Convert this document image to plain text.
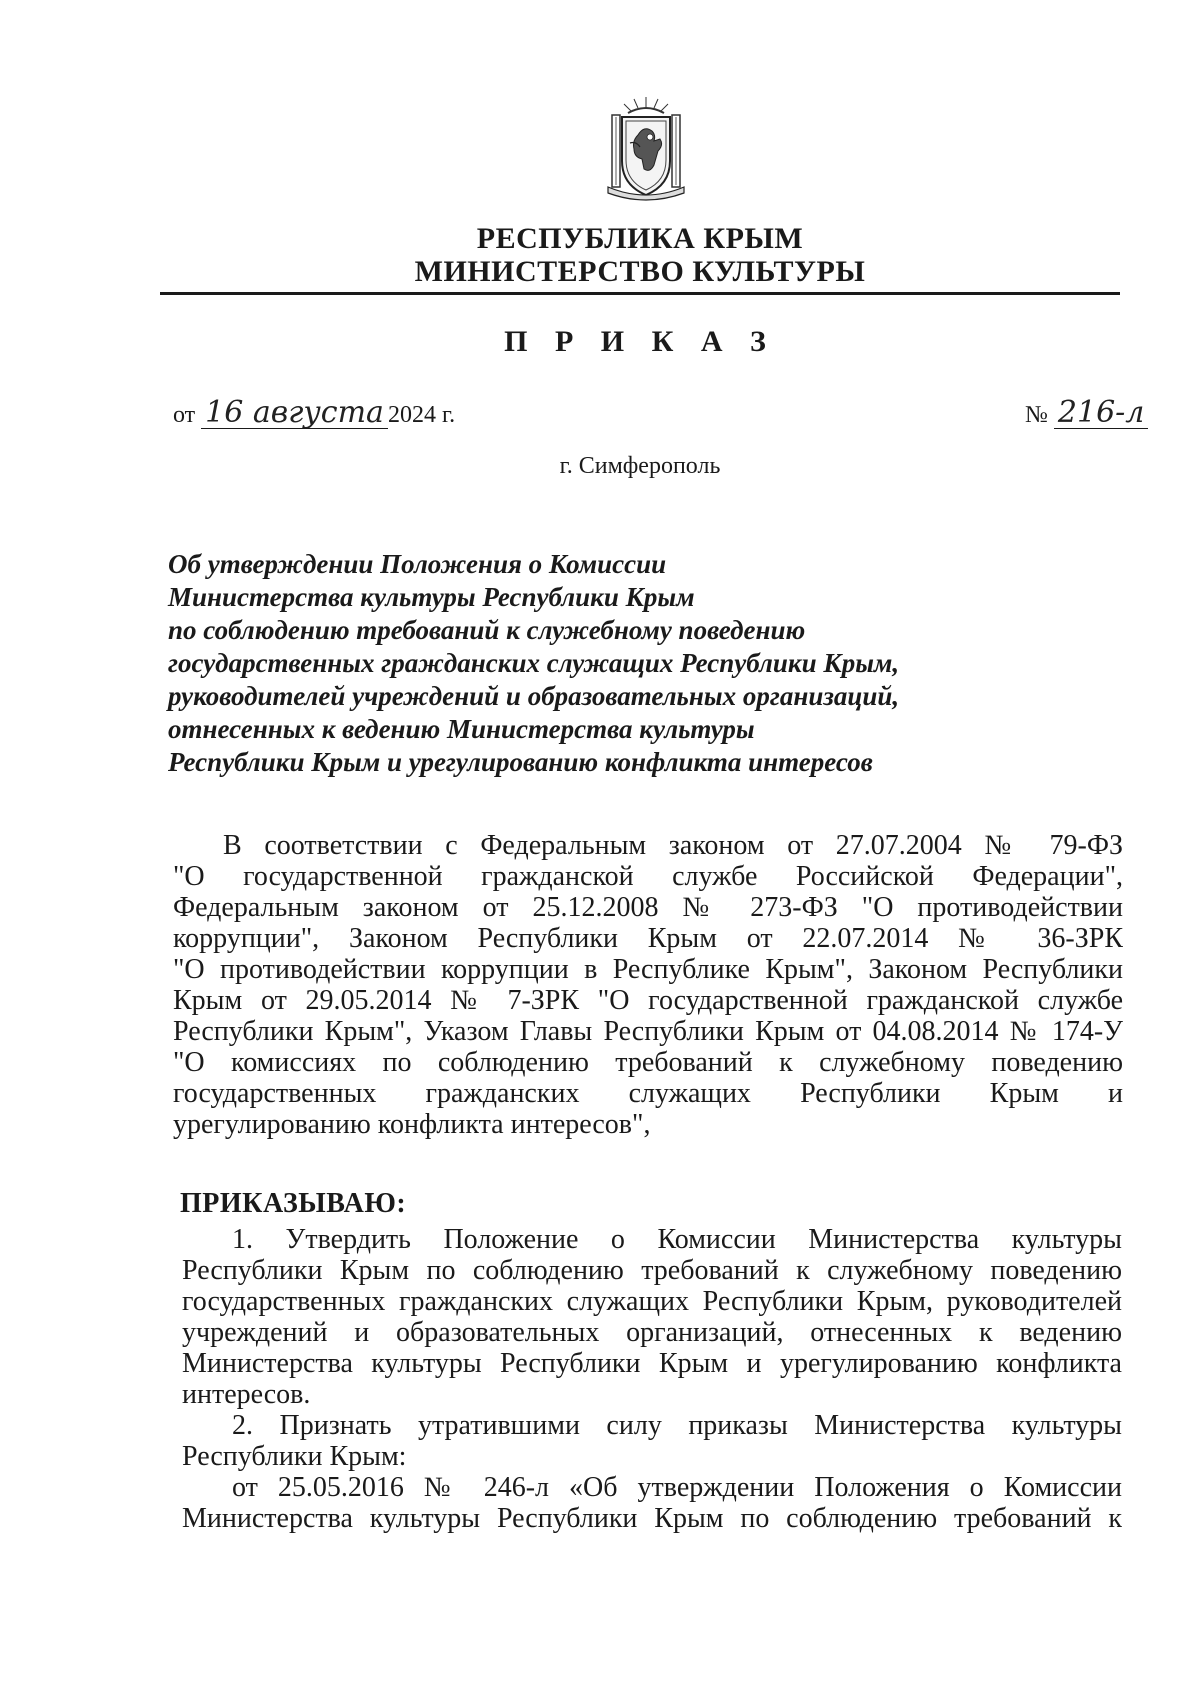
РЕСПУБЛИКА КРЫМ
МИНИСТЕРСТВО КУЛЬТУРЫ
П Р И К А З
от 16 августа 2024 г.	№ 216-л
г. Симферополь
Об утверждении Положения о Комиссии
Министерства культуры Республики Крым
по соблюдению требований к служебному поведению
государственных гражданских служащих Республики Крым,
руководителей учреждений и образовательных организаций,
отнесенных к ведению Министерства культуры
Республики Крым и урегулированию конфликта интересов
В соответствии с Федеральным законом от 27.07.2004 № 79-ФЗ
"О государственной гражданской службе Российской Федерации",
Федеральным законом от 25.12.2008 № 273-ФЗ "О противодействии
коррупции", Законом Республики Крым от 22.07.2014 № 36-ЗРК
"О противодействии коррупции в Республике Крым", Законом Республики
Крым от 29.05.2014 № 7-ЗРК "О государственной гражданской службе
Республики Крым", Указом Главы Республики Крым от 04.08.2014 № 174-У
"О комиссиях по соблюдению требований к служебному поведению
государственных гражданских служащих Республики Крым и
урегулированию конфликта интересов",
ПРИКАЗЫВАЮ:
1. Утвердить Положение о Комиссии Министерства культуры
Республики Крым по соблюдению требований к служебному поведению
государственных гражданских служащих Республики Крым, руководителей
учреждений и образовательных организаций, отнесенных к ведению
Министерства культуры Республики Крым и урегулированию конфликта
интересов.
2. Признать утратившими силу приказы Министерства культуры
Республики Крым:
от 25.05.2016 № 246-л «Об утверждении Положения о Комиссии
Министерства культуры Республики Крым по соблюдению требований к
